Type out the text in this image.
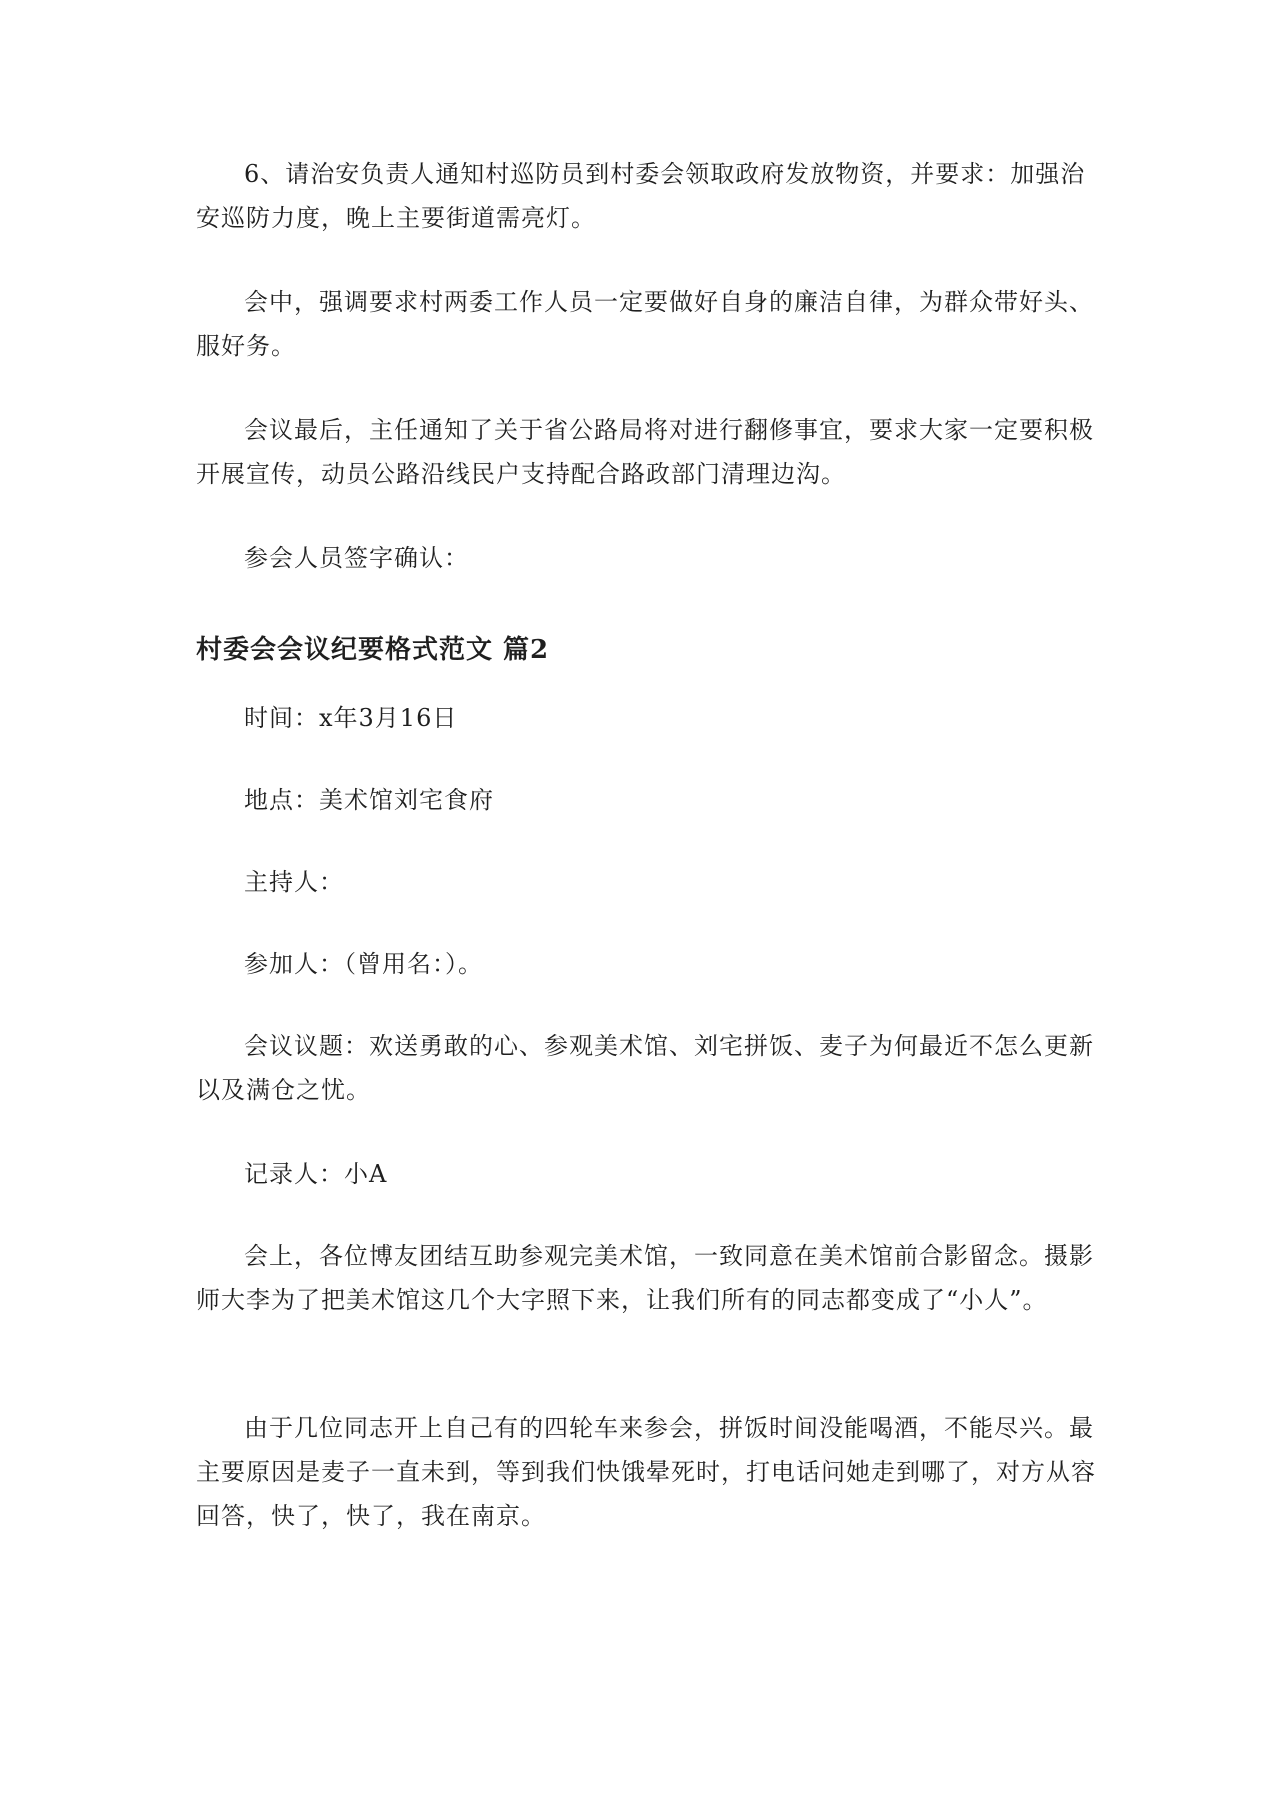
6、请治安负责人通知村巡防员到村委会领取政府发放物资，并要求：加强治安巡防力度，晚上主要街道需亮灯。

会中，强调要求村两委工作人员一定要做好自身的廉洁自律，为群众带好头、服好务。

会议最后，主任通知了关于省公路局将对进行翻修事宜，要求大家一定要积极开展宣传，动员公路沿线民户支持配合路政部门清理边沟。

参会人员签字确认：

村委会会议纪要格式范文 篇2

时间：x年3月16日

地点：美术馆刘宅食府

主持人：

参加人：（曾用名：）。

会议议题：欢送勇敢的心、参观美术馆、刘宅拼饭、麦子为何最近不怎么更新以及满仓之忧。

记录人：小A

会上，各位博友团结互助参观完美术馆，一致同意在美术馆前合影留念。摄影师大李为了把美术馆这几个大字照下来，让我们所有的同志都变成了“小人”。

由于几位同志开上自己有的四轮车来参会，拼饭时间没能喝酒，不能尽兴。最主要原因是麦子一直未到，等到我们快饿晕死时，打电话问她走到哪了，对方从容回答，快了，快了，我在南京。
